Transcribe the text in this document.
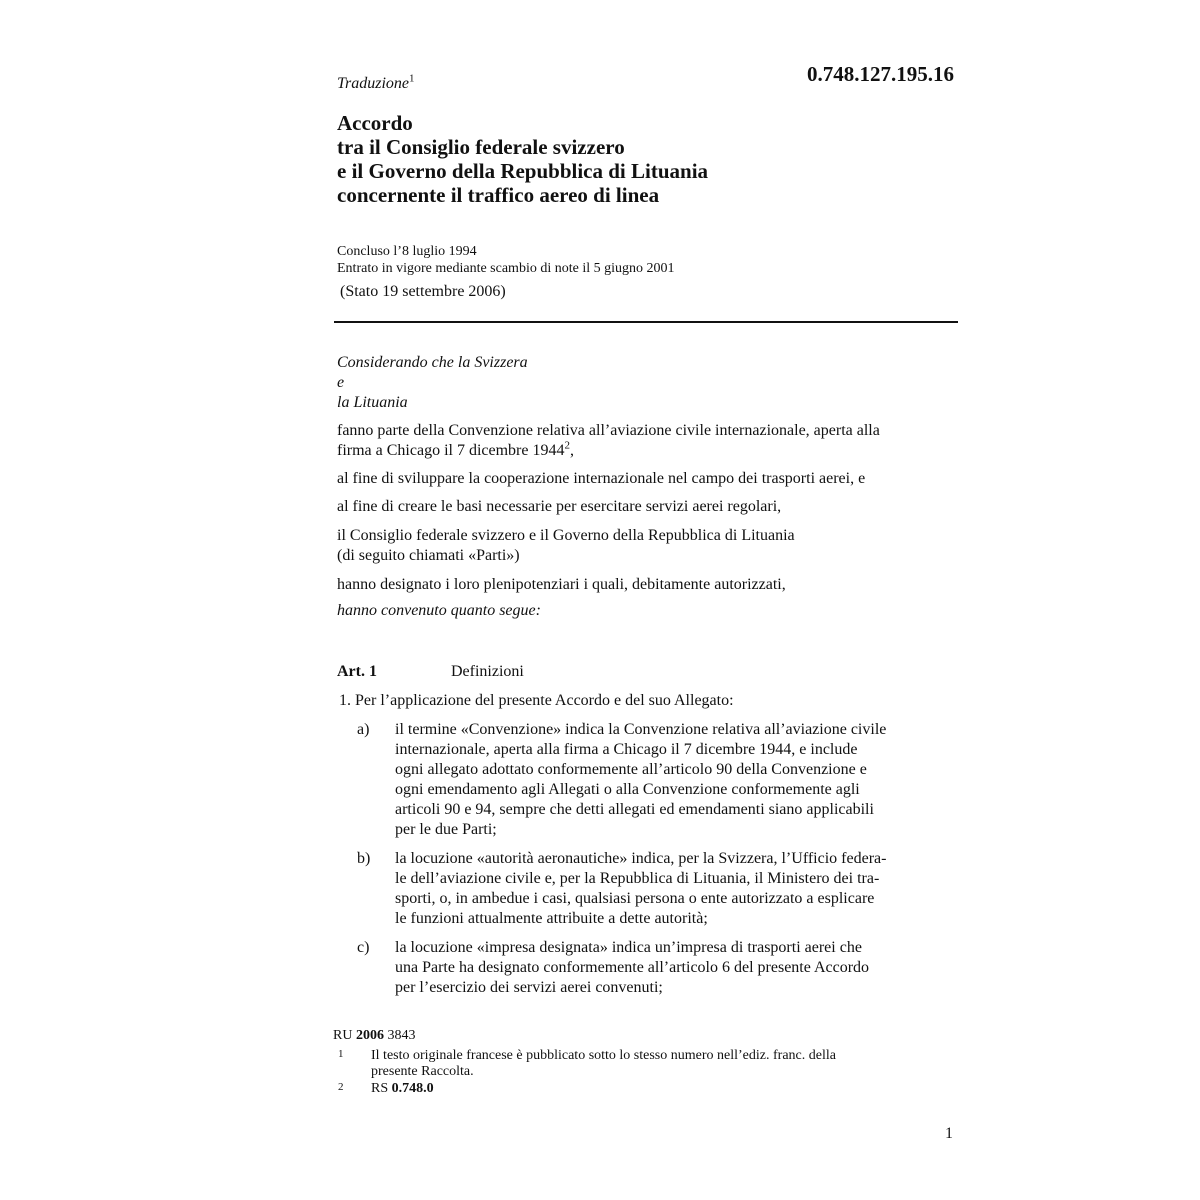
Traduzione$^1$	0.748.127.195.16
Accordo
tra il Consiglio federale svizzero
e il Governo della Repubblica di Lituania
concernente il traffico aereo di linea
Concluso l’8 luglio 1994
Entrato in vigore mediante scambio di note il 5 giugno 2001
(Stato 19 settembre 2006)
Considerando che la Svizzera
e
la Lituania
fanno parte della Convenzione relativa all’aviazione civile internazionale, aperta alla
firma a Chicago il 7 dicembre 1944$^2$,
al fine di sviluppare la cooperazione internazionale nel campo dei trasporti aerei, e
al fine di creare le basi necessarie per esercitare servizi aerei regolari,
il Consiglio federale svizzero e il Governo della Repubblica di Lituania
(di seguito chiamati «Parti»)
hanno designato i loro plenipotenziari i quali, debitamente autorizzati,
hanno convenuto quanto segue:
Art. 1	Definizioni
1. Per l’applicazione del presente Accordo e del suo Allegato:
a) il termine «Convenzione» indica la Convenzione relativa all’aviazione civile
internazionale, aperta alla firma a Chicago il 7 dicembre 1944, e include
ogni allegato adottato conformemente all’articolo 90 della Convenzione e
ogni emendamento agli Allegati o alla Convenzione conformemente agli
articoli 90 e 94, sempre che detti allegati ed emendamenti siano applicabili
per le due Parti;
b) la locuzione «autorità aeronautiche» indica, per la Svizzera, l’Ufficio federa-
le dell’aviazione civile e, per la Repubblica di Lituania, il Ministero dei tra-
sporti, o, in ambedue i casi, qualsiasi persona o ente autorizzato a esplicare
le funzioni attualmente attribuite a dette autorità;
c) la locuzione «impresa designata» indica un’impresa di trasporti aerei che
una Parte ha designato conformemente all’articolo 6 del presente Accordo
per l’esercizio dei servizi aerei convenuti;
RU 2006 3843
1 Il testo originale francese è pubblicato sotto lo stesso numero nell’ediz. franc. della
presente Raccolta.
2 RS 0.748.0
1
